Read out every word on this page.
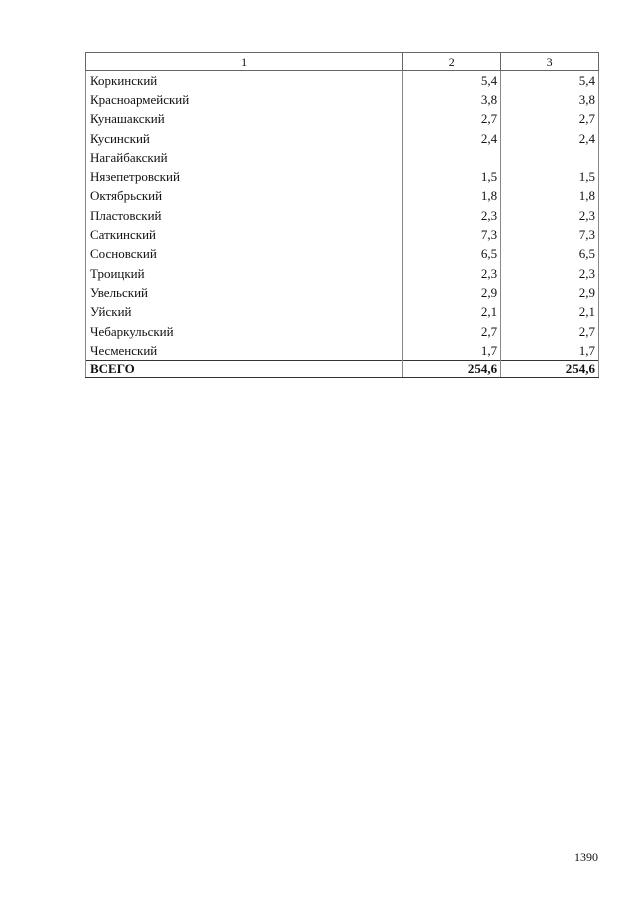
1	2	3
Коркинский	5,4	5,4
Красноармейский	3,8	3,8
Кунашакский	2,7	2,7
Кусинский	2,4	2,4
Нагайбакский		
Нязепетровский	1,5	1,5
Октябрьский	1,8	1,8
Пластовский	2,3	2,3
Саткинский	7,3	7,3
Сосновский	6,5	6,5
Троицкий	2,3	2,3
Увельский	2,9	2,9
Уйский	2,1	2,1
Чебаркульский	2,7	2,7
Чесменский	1,7	1,7
ВСЕГО	254,6	254,6
1390
